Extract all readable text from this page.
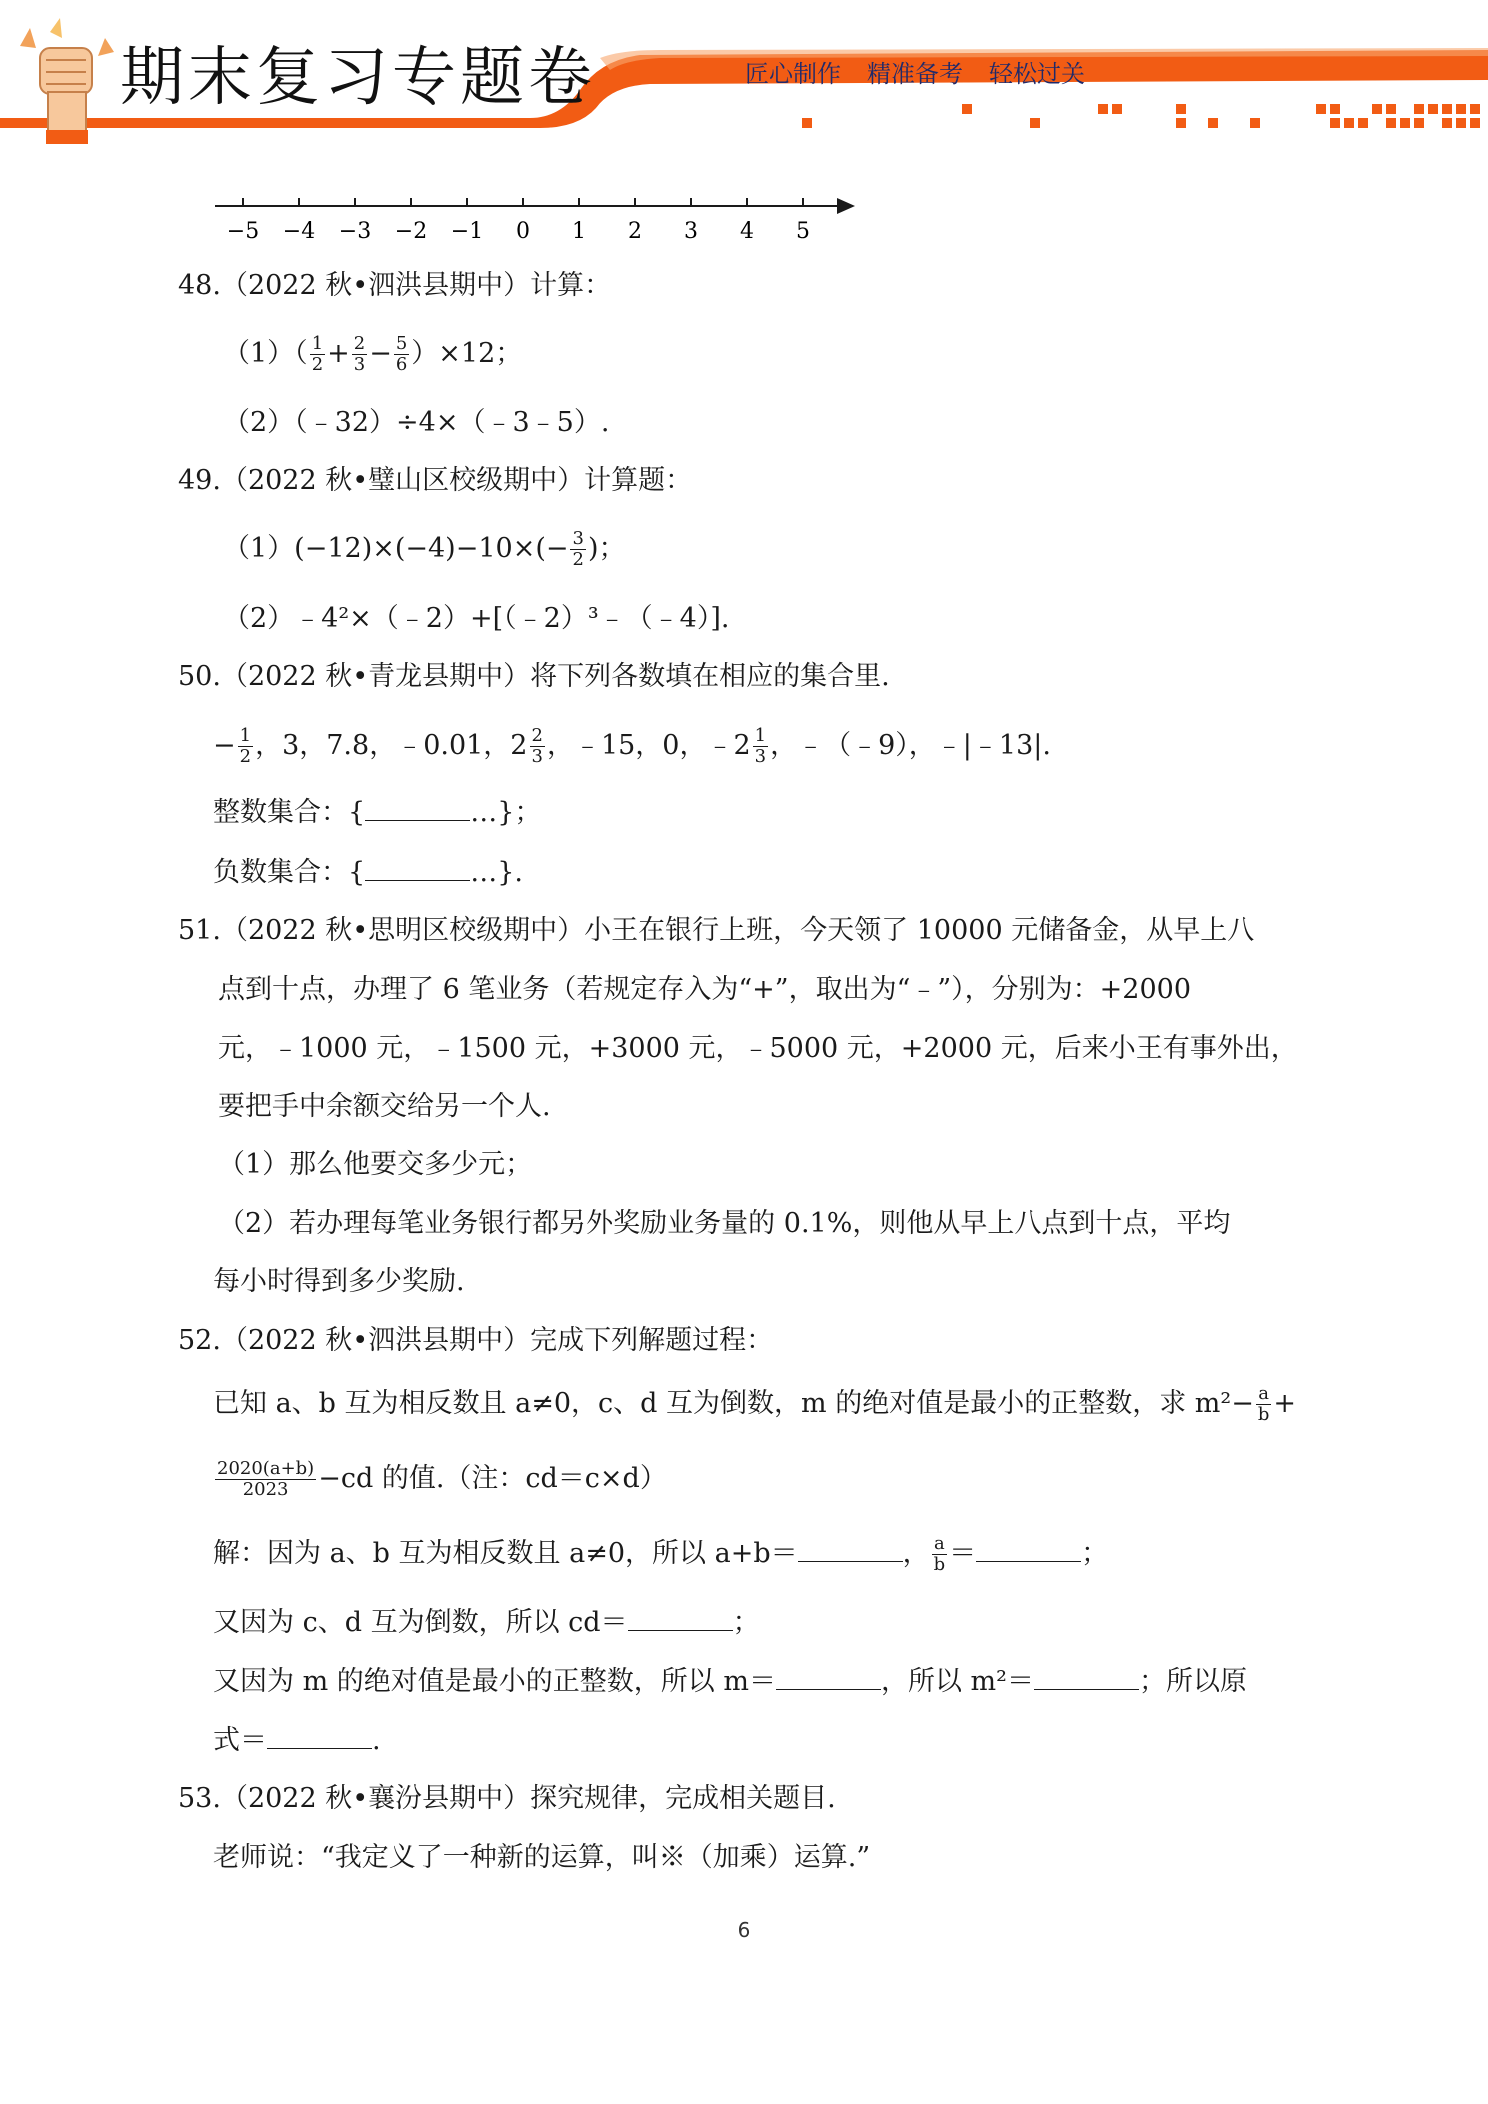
期末复习专题卷	匠心制作 精准备考 轻松过关
−5 −4 −3 −2 −1 0 1 2 3 4 5
48.（2022 秋•泗洪县期中）计算：
$(1)( \frac{1}{2} + \frac{2}{3} - \frac{5}{6} )\times 12$；
（2）（﹣32）÷4×（﹣3﹣5）.
49.（2022 秋•璧山区校级期中）计算题：
$(1)(-12)\times(-4)-10\times(- \frac{3}{2}$ )；
（2）﹣4²×（﹣2）+[（﹣2）³﹣（﹣4）].
50.（2022 秋•青龙县期中）将下列各数填在相应的集合里.
− $\frac{1}{2}$ ，3，7.8，﹣0.01，$2 \frac{2}{3}$ ，﹣15，0，﹣2 $\frac{1}{3}$ ，﹣（﹣9），﹣|﹣13|.
整数集合：{	…}；
负数集合：{	…}.
51.（2022 秋•思明区校级期中）小王在银行上班，今天领了 10000 元储备金，从早上八
点到十点，办理了 6 笔业务（若规定存入为“+”，取出为“﹣”），分别为：+2000
元，﹣1000 元，﹣1500 元，+3000 元，﹣5000 元，+2000 元，后来小王有事外出，
要把手中余额交给另一个人.
（1）那么他要交多少元；
（2）若办理每笔业务银行都另外奖励业务量的 0.1%，则他从早上八点到十点，平均
每小时得到多少奖励.
52.（2022 秋•泗洪县期中）完成下列解题过程：
已知 a、b 互为相反数且 a≠0，c、d 互为倒数，m 的绝对值是最小的正整数，求 $m^2- \frac{a}{b}$ +
$\frac{2020(a+b)}{2023} -cd$ 的值.（注：cd＝c×d）
解：因为 a、b 互为相反数且 a≠0，所以 a+b＝	， $\frac{a}{b}$ ＝	；
又因为 c、d 互为倒数，所以 cd＝	；
又因为 m 的绝对值是最小的正整数，所以 m＝	，所以 m²＝	；所以原
式＝	.
53.（2022 秋•襄汾县期中）探究规律，完成相关题目.
老师说：“我定义了一种新的运算，叫※（加乘）运算.”
6
